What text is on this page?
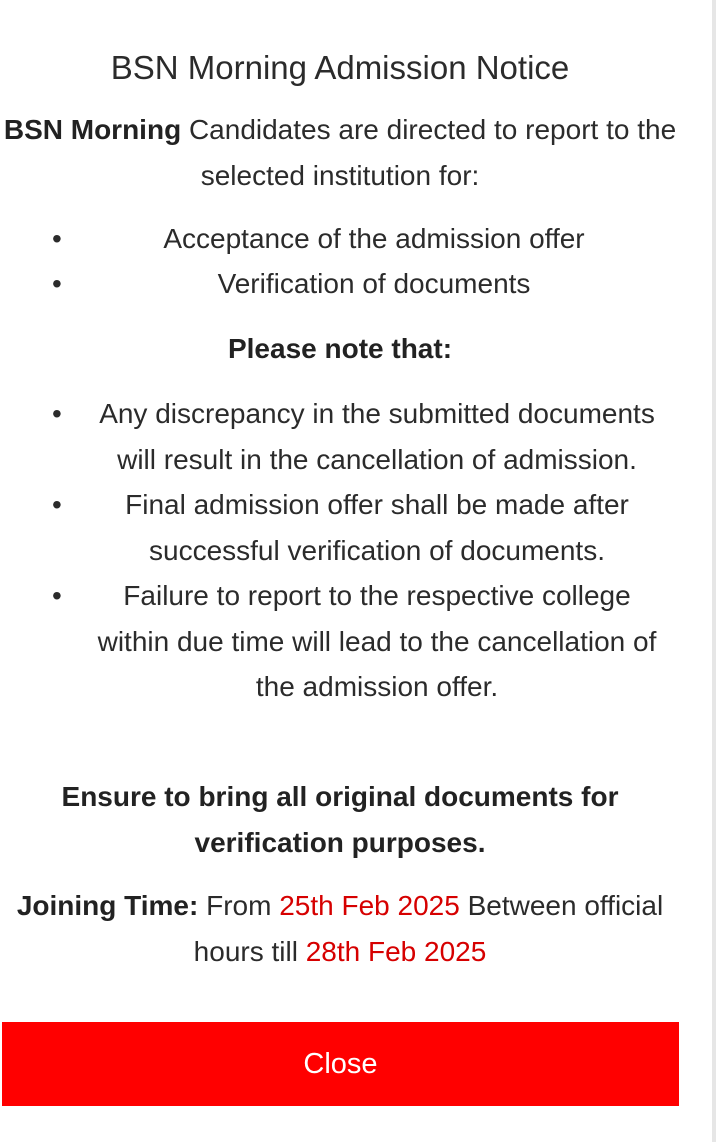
BSN Morning Admission Notice
BSN Morning Candidates are directed to report to the selected institution for:
•	Acceptance of the admission offer
•	Verification of documents
Please note that:
•	Any discrepancy in the submitted documents will result in the cancellation of admission.
•	Final admission offer shall be made after successful verification of documents.
•	Failure to report to the respective college within due time will lead to the cancellation of the admission offer.
Ensure to bring all original documents for verification purposes.
Joining Time: From 25th Feb 2025 Between official hours till 28th Feb 2025
Close
